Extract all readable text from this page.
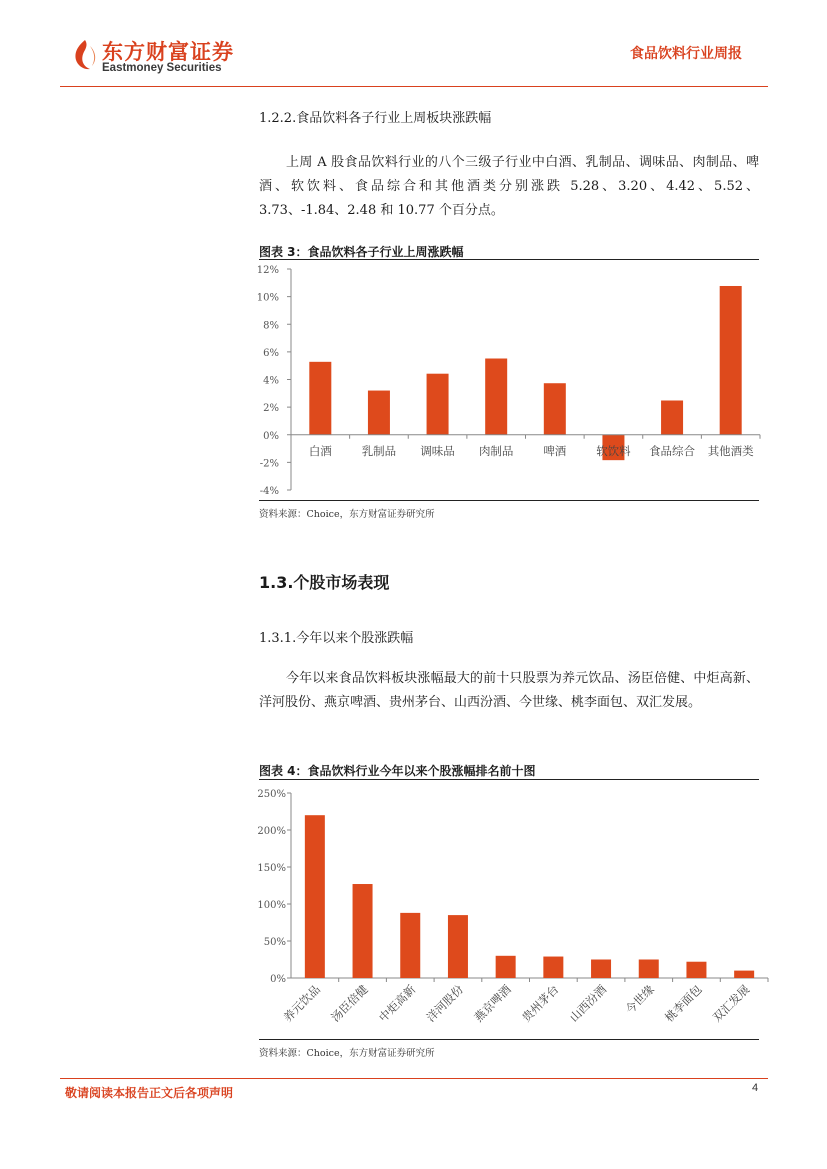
东方财富证券
Eastmoney Securities
食品饮料行业周报
1.2.2.食品饮料各子行业上周板块涨跌幅

上周 A 股食品饮料行业的八个三级子行业中白酒、乳制品、调味品、肉制品、啤酒、软饮料、食品综合和其他酒类分别涨跌 5.28、3.20、4.42、5.52、3.73、-1.84、2.48 和 10.77 个百分点。

图表 3：食品饮料各子行业上周涨跌幅
12%
10%
8%
6%
4%
2%
0%
-2%
-4%
白酒	乳制品 调味品 肉制品	啤酒	软饮料 食品综合 其他酒类
资料来源：Choice，东方财富证券研究所
1.3.个股市场表现
1.3.1.今年以来个股涨跌幅

今年以来食品饮料板块涨幅最大的前十只股票为养元饮品、汤臣倍健、中炬高新、洋河股份、燕京啤酒、贵州茅台、山西汾酒、今世缘、桃李面包、双汇发展。

图表 4：食品饮料行业今年以来个股涨幅排名前十图
250%
200%
150%
100%
50%
0%
养元饮品 汤臣倍健 中炬高新 洋河股份 燕京啤酒 贵州茅台 山西汾酒 今世缘 桃李面包 双汇发展
资料来源：Choice，东方财富证券研究所
敬请阅读本报告正文后各项声明	4
